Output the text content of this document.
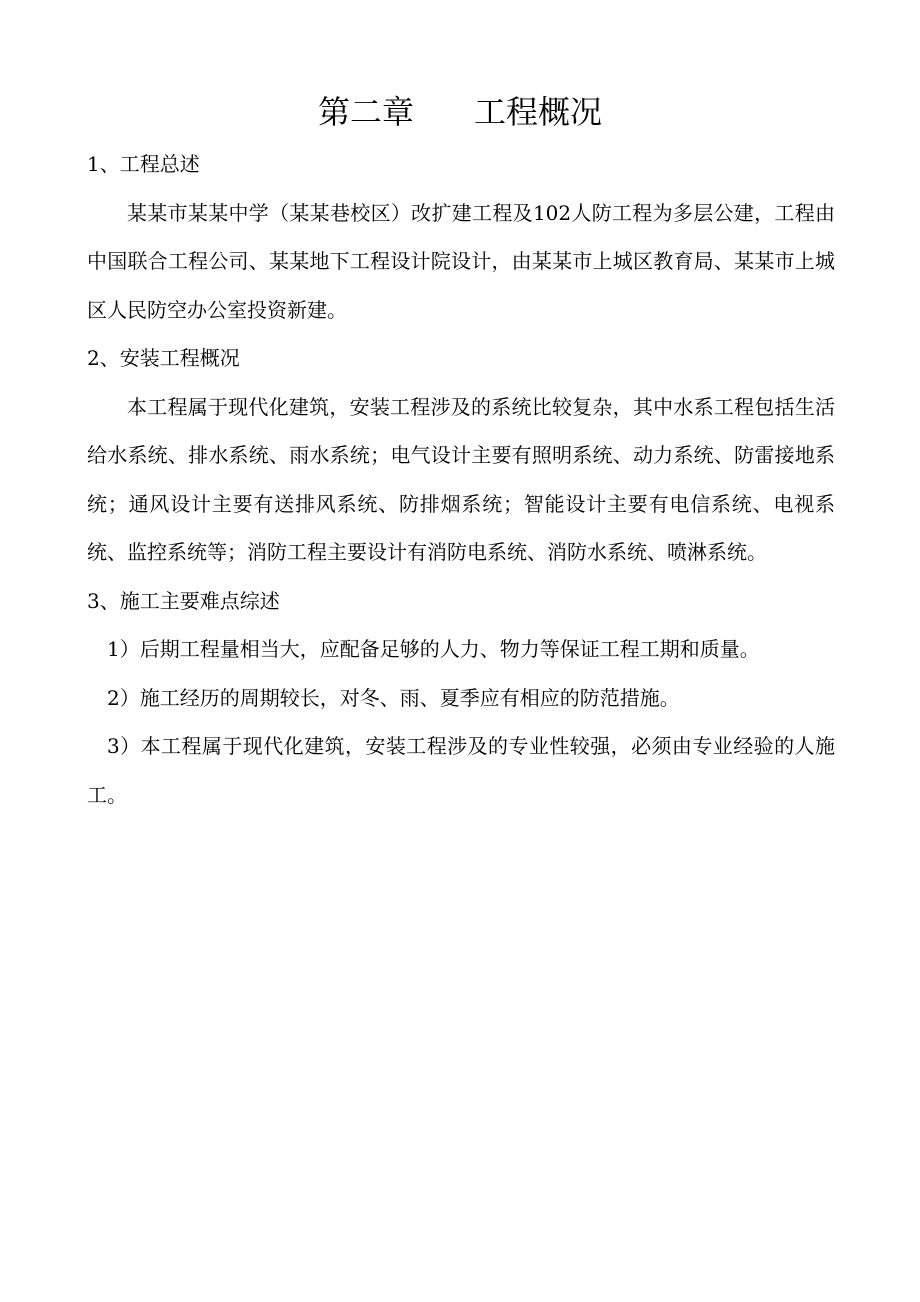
第二章 工程概况
1、工程总述

某某市某某中学（某某巷校区）改扩建工程及102人防工程为多层公建，工程由中国联合工程公司、某某地下工程设计院设计，由某某市上城区教育局、某某市上城区人民防空办公室投资新建。

2、安装工程概况

本工程属于现代化建筑，安装工程涉及的系统比较复杂，其中水系工程包括生活给水系统、排水系统、雨水系统；电气设计主要有照明系统、动力系统、防雷接地系统；通风设计主要有送排风系统、防排烟系统；智能设计主要有电信系统、电视系统、监控系统等；消防工程主要设计有消防电系统、消防水系统、喷淋系统。

3、施工主要难点综述

1）后期工程量相当大，应配备足够的人力、物力等保证工程工期和质量。

2）施工经历的周期较长，对冬、雨、夏季应有相应的防范措施。

3）本工程属于现代化建筑，安装工程涉及的专业性较强，必须由专业经验的人施工。
